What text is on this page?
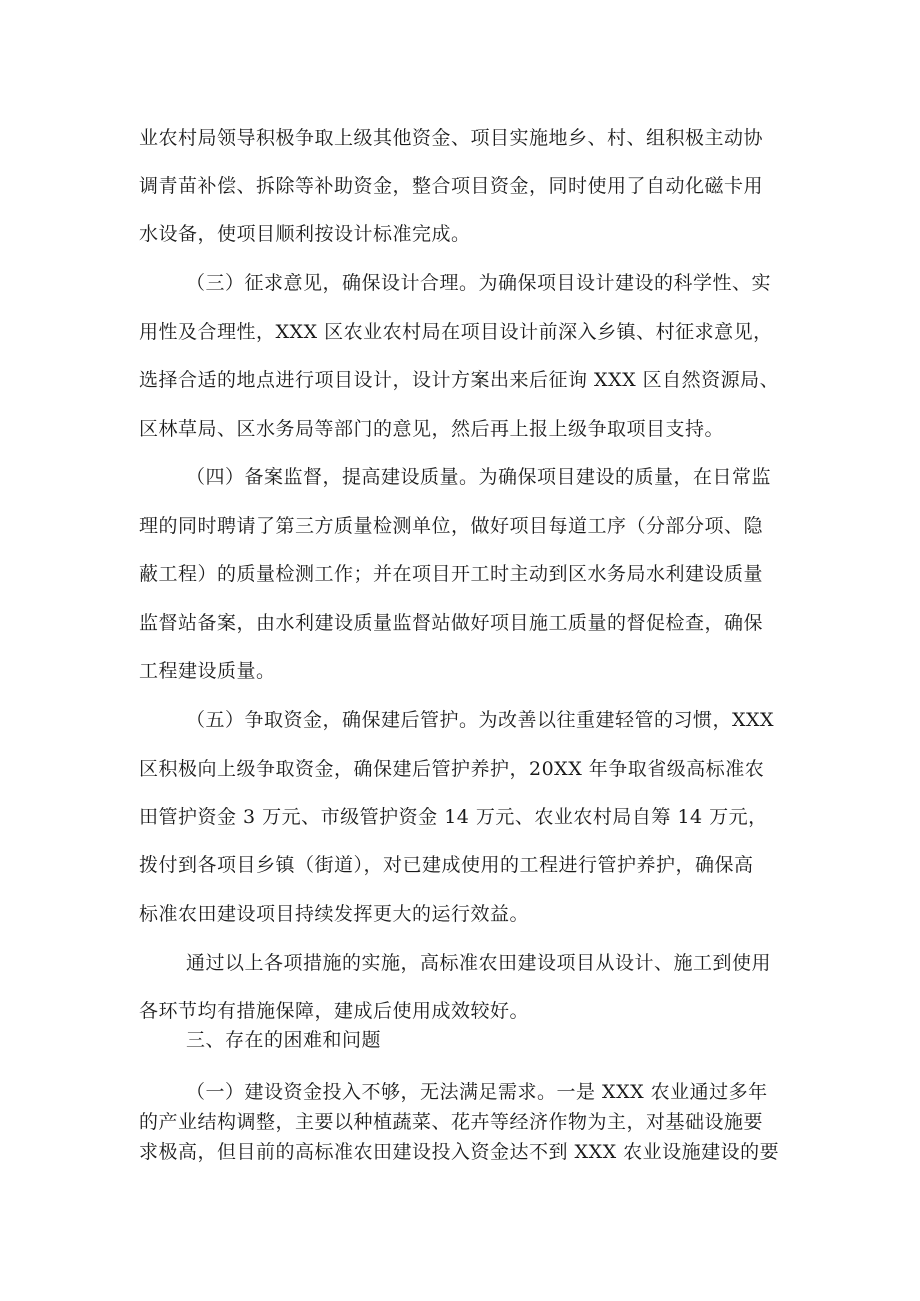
业农村局领导积极争取上级其他资金、项目实施地乡、村、组积极主动协
调青苗补偿、拆除等补助资金，整合项目资金，同时使用了自动化磁卡用
水设备，使项目顺利按设计标准完成。
（三）征求意见，确保设计合理。为确保项目设计建设的科学性、实
用性及合理性，XXX 区农业农村局在项目设计前深入乡镇、村征求意见，
选择合适的地点进行项目设计，设计方案出来后征询 XXX 区自然资源局、
区林草局、区水务局等部门的意见，然后再上报上级争取项目支持。
（四）备案监督，提高建设质量。为确保项目建设的质量，在日常监
理的同时聘请了第三方质量检测单位，做好项目每道工序（分部分项、隐
蔽工程）的质量检测工作；并在项目开工时主动到区水务局水利建设质量
监督站备案，由水利建设质量监督站做好项目施工质量的督促检查，确保
工程建设质量。
（五）争取资金，确保建后管护。为改善以往重建轻管的习惯，XXX
区积极向上级争取资金，确保建后管护养护，20XX 年争取省级高标准农
田管护资金 3 万元、市级管护资金 14 万元、农业农村局自筹 14 万元，
拨付到各项目乡镇（街道），对已建成使用的工程进行管护养护，确保高
标准农田建设项目持续发挥更大的运行效益。
通过以上各项措施的实施，高标准农田建设项目从设计、施工到使用
各环节均有措施保障，建成后使用成效较好。
三、存在的困难和问题
（一）建设资金投入不够，无法满足需求。一是 XXX 农业通过多年
的产业结构调整，主要以种植蔬菜、花卉等经济作物为主，对基础设施要
求极高，但目前的高标准农田建设投入资金达不到 XXX 农业设施建设的要
